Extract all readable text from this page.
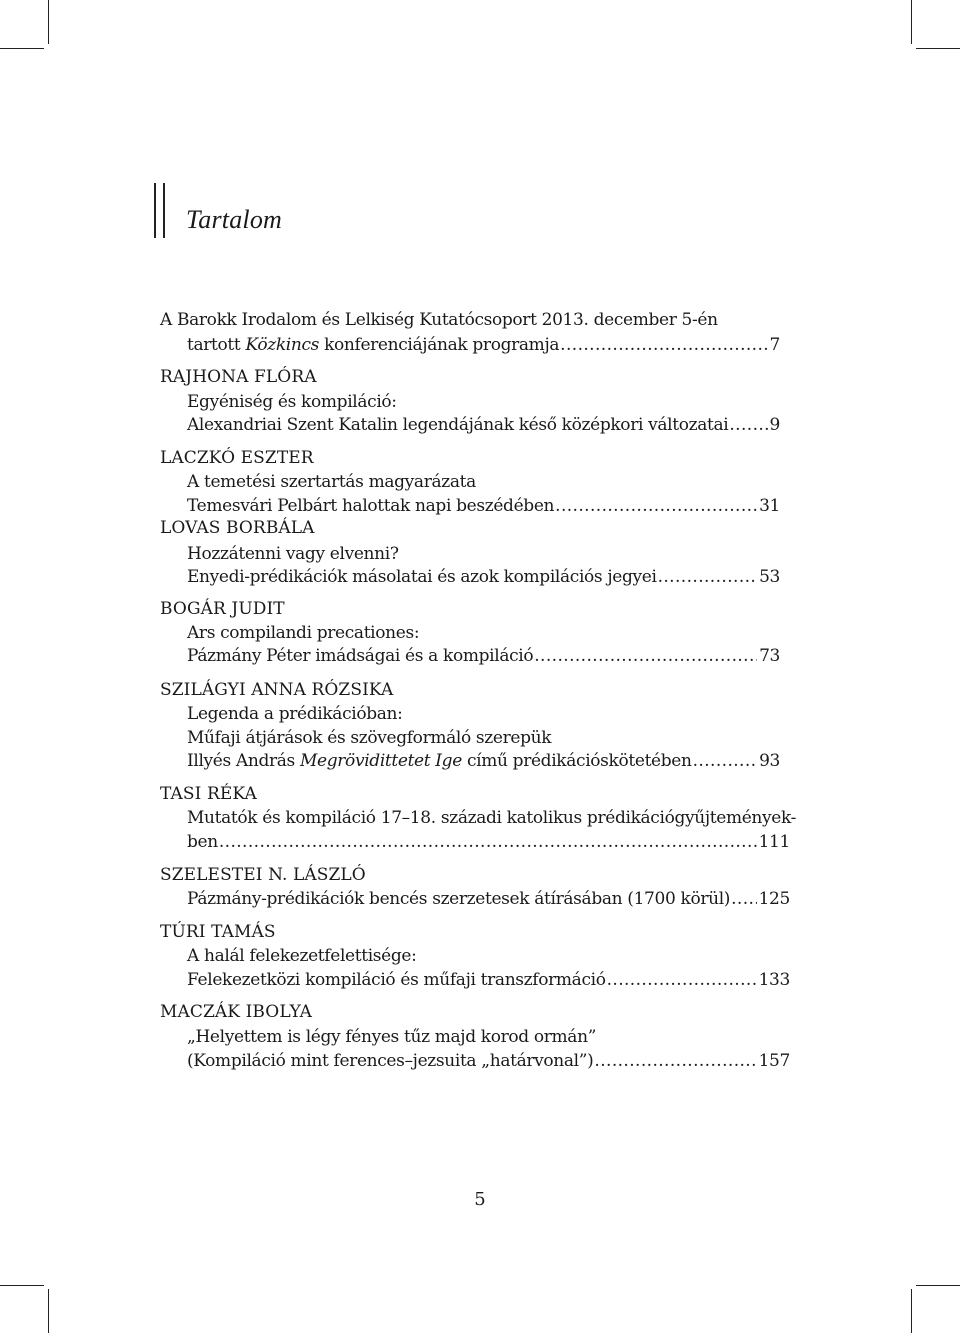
Tartalom
A Barokk Irodalom és Lelkiség Kutatócsoport 2013. december 5-én
tartott Közkincs konferenciájának programja .....	7
RAJHONA FLÓRA
Egyéniség és kompiláció:
Alexandriai Szent Katalin legendájának késő középkori változatai ..... 9
LACZKÓ ESZTER
A temetési szertartás magyarázata
Temesvári Pelbárt halottak napi beszédében .....	31
LOVAS BORBÁLA
Hozzátenni vagy elvenni?
Enyedi-prédikációk másolatai és azok kompilációs jegyei .....	53
BOGÁR JUDIT
Ars compilandi precationes:
Pázmány Péter imádságai és a kompiláció .....	73
SZILÁGYI ANNA RÓZSIKA
Legenda a prédikációban:
Műfaji átjárások és szövegformáló szerepük
Illyés András Megrövidittetet Ige című prédikációskötetében .....	93
TASI RÉKA
Mutatók és kompiláció 17–18. századi katolikus prédikációgyűjtemények-
ben .....	111
SZELESTEI N. LÁSZLÓ
Pázmány-prédikációk bencés szerzetesek átírásában (1700 körül) ..... 125
TÚRI TAMÁS
A halál felekezetfelettisége:
Felekezetközi kompiláció és műfaji transzformáció .....	133
MACZÁK IBOLYA
„Helyettem is légy fényes tűz majd korod ormán”
(Kompiláció mint ferences–jezsuita „határvonal”) .....	157
5
